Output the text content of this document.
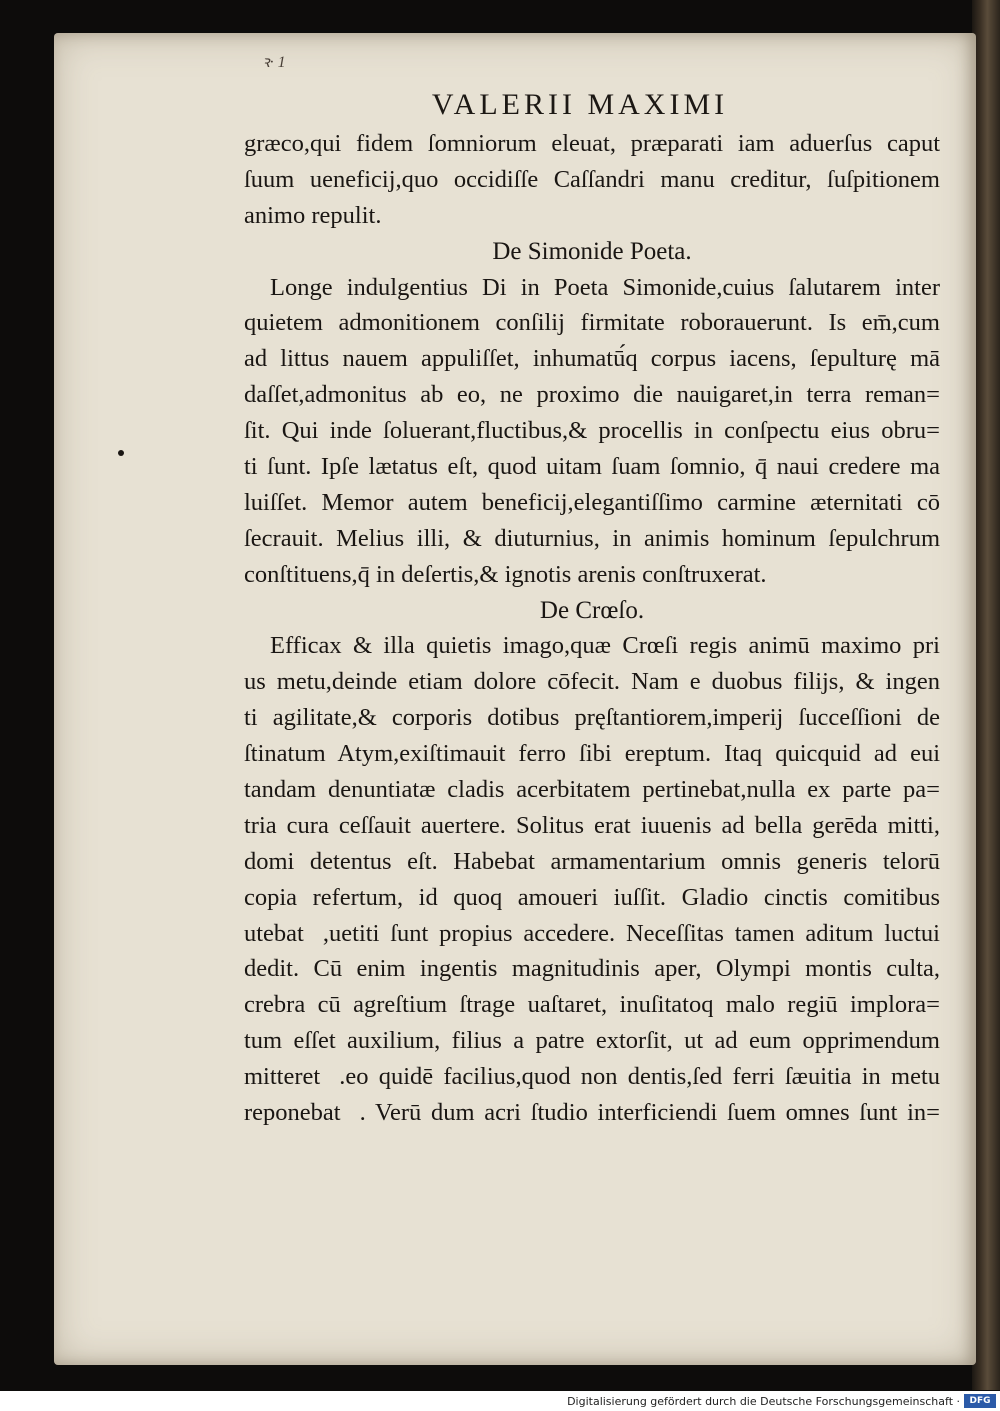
ꝛ· 1
VALERII MAXIMI
græco,qui fidem ſomniorum eleuat, præparati iam aduerſus caput
ſuum ueneficij,quo occidiſſe Caſſandri manu creditur, ſuſpitionem
animo repulit.
De Simonide Poeta.
Longe indulgentius Di in Poeta Simonide,cuius ſalutarem inter
quietem admonitionem conſilij firmitate roborauerunt. Is em̄,cum
ad littus nauem appuliſſet, inhumatū́q corpus iacens, ſepulturę mā
daſſet,admonitus ab eo, ne proximo die nauigaret,in terra reman=
ſit. Qui inde ſoluerant,fluctibus,& procellis in conſpectu eius obru=
ti ſunt. Ipſe lætatus eſt, quod uitam ſuam ſomnio, q̄ naui credere ma
luiſſet. Memor autem beneficij,elegantiſſimo carmine æternitati cō
ſecrauit. Melius illi, & diuturnius, in animis hominum ſepulchrum
conſtituens,q̄ in deſertis,& ignotis arenis conſtruxerat.
De Crœſo.
Efficax & illa quietis imago,quæ Crœſi regis animū maximo pri
us metu,deinde etiam dolore cōfecit. Nam e duobus filijs, & ingen
ti agilitate,& corporis dotibus pręſtantiorem,imperij ſucceſſioni de
ſtinatum Atym,exiſtimauit ferro ſibi ereptum. Itaq quicquid ad eui
tandam denuntiatæ cladis acerbitatem pertinebat,nulla ex parte pa=
tria cura ceſſauit auertere. Solitus erat iuuenis ad bella gerēda mitti,
domi detentus eſt. Habebat armamentarium omnis generis telorū
copia refertum, id quoq amoueri iuſſit. Gladio cinctis comitibus
utebatᷣ,uetiti ſunt propius accedere. Neceſſitas tamen aditum luctui
dedit. Cū enim ingentis magnitudinis aper, Olympi montis culta,
crebra cū agreſtium ſtrage uaſtaret, inuſitatoq malo regiū implora=
tum eſſet auxilium, filius a patre extorſit, ut ad eum opprimendum
mitteretᷣ.eo quidē facilius,quod non dentis,ſed ferri ſæuitia in metu
reponebatᷣ. Verū dum acri ſtudio interficiendi ſuem omnes ſunt in=
Digitalisierung gefördert durch die Deutsche Forschungsgemeinschaft ·	DFG
